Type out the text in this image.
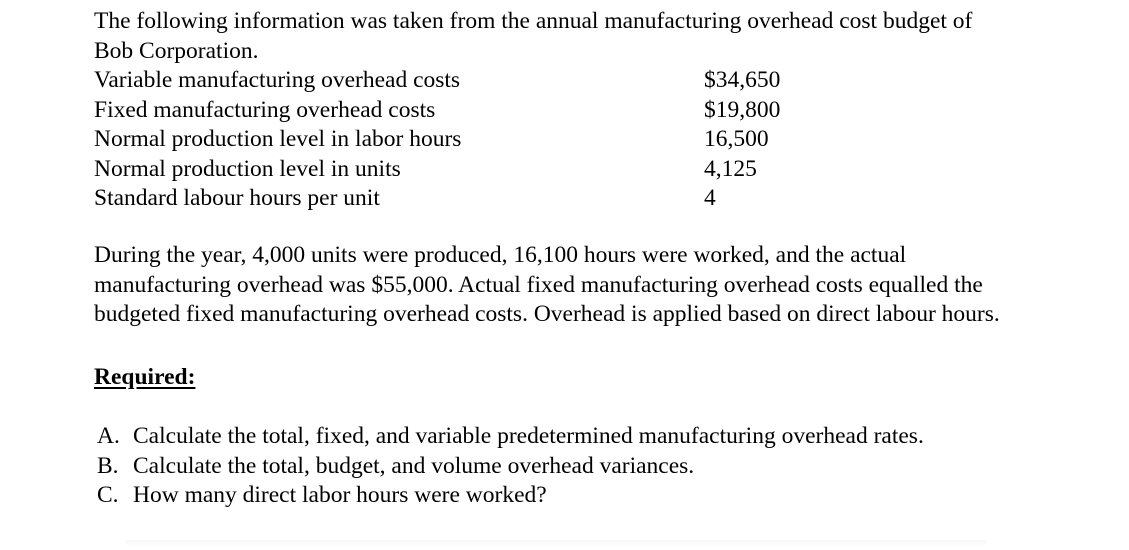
The following information was taken from the annual manufacturing overhead cost budget of
Bob Corporation.
Variable manufacturing overhead costs	$34,650
Fixed manufacturing overhead costs	$19,800
Normal production level in labor hours	16,500
Normal production level in units	4,125
Standard labour hours per unit	4
During the year, 4,000 units were produced, 16,100 hours were worked, and the actual
manufacturing overhead was $55,000. Actual fixed manufacturing overhead costs equalled the
budgeted fixed manufacturing overhead costs. Overhead is applied based on direct labour hours.
Required:
A. Calculate the total, fixed, and variable predetermined manufacturing overhead rates.
B. Calculate the total, budget, and volume overhead variances.
C. How many direct labor hours were worked?
